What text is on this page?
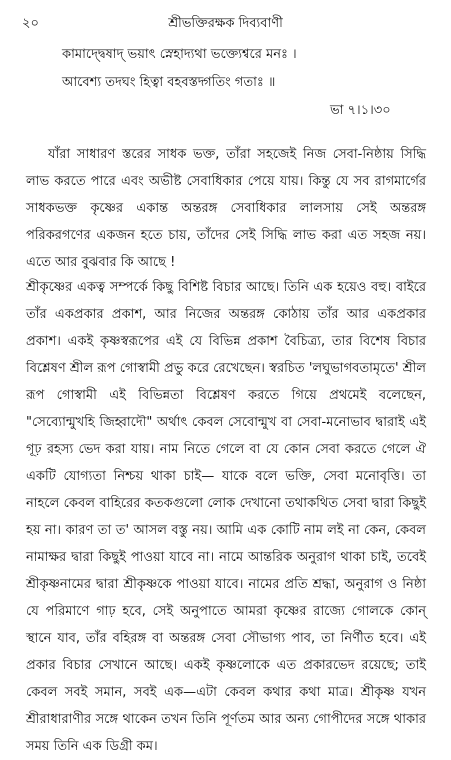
২০	শ্রীভক্তিরক্ষক দিব্যবাণী
কামাদ্দ্বেষাদ্ ভয়াৎ স্নেহাদ্যথা ভক্ত্যেশ্বরে মনঃ ।
আবেশ্য তদঘং হিত্বা বহবস্তদ্গতিং গতাঃ ॥
ভা ৭।১।৩০

যাঁরা সাধারণ স্তরের সাধক ভক্ত, তাঁরা সহজেই নিজ সেবা-নিষ্ঠায় সিদ্ধি লাভ করতে পারে এবং অভীষ্ট সেবাধিকার পেয়ে যায়। কিন্তু যে সব রাগমার্গের সাধকভক্ত কৃষ্ণের একান্ত অন্তরঙ্গ সেবাধিকার লালসায় সেই অন্তরঙ্গ পরিকরগণের একজন হতে চায়, তাঁদের সেই সিদ্ধি লাভ করা এত সহজ নয়। এতে আর বুঝবার কি আছে !

শ্রীকৃষ্ণের একত্ব সম্পর্কে কিছু বিশিষ্ট বিচার আছে। তিনি এক হয়েও বহু। বাইরে তাঁর একপ্রকার প্রকাশ, আর নিজের অন্তরঙ্গ কোঠায় তাঁর আর একপ্রকার প্রকাশ। একই কৃষ্ণস্বরূপের এই যে বিভিন্ন প্রকাশ বৈচিত্র্য, তার বিশেষ বিচার বিশ্লেষণ শ্রীল রূপ গোস্বামী প্রভু করে রেখেছেন। স্বরচিত 'লঘুভাগবতামৃতে' শ্রীল রূপ গোস্বামী এই বিভিন্নতা বিশ্লেষণ করতে গিয়ে প্রথমেই বলেছেন, "সেব্যোন্মুখহি জিহ্বাদৌ" অর্থাৎ কেবল সেবোন্মুখ বা সেবা-মনোভাব দ্বারাই এই গূঢ় রহস্য ভেদ করা যায়। নাম নিতে গেলে বা যে কোন সেবা করতে গেলে ঐ একটি যোগ্যতা নিশ্চয় থাকা চাই— যাকে বলে ভক্তি, সেবা মনোবৃত্তি। তা নাহলে কেবল বাহিরের কতকগুলো লোক দেখানো তথাকথিত সেবা দ্বারা কিছুই হয় না। কারণ তা ত' আসল বস্তু নয়। আমি এক কোটি নাম লই না কেন, কেবল নামাক্ষর দ্বারা কিছুই পাওয়া যাবে না। নামে আন্তরিক অনুরাগ থাকা চাই, তবেই শ্রীকৃষ্ণনামের দ্বারা শ্রীকৃষ্ণকে পাওয়া যাবে। নামের প্রতি শ্রদ্ধা, অনুরাগ ও নিষ্ঠা যে পরিমাণে গাঢ় হবে, সেই অনুপাতে আমরা কৃষ্ণের রাজ্যে গোলকে কোন্ স্থানে যাব, তাঁর বহিরঙ্গ বা অন্তরঙ্গ সেবা সৌভাগ্য পাব, তা নির্ণীত হবে। এই প্রকার বিচার সেখানে আছে। একই কৃষ্ণলোকে এত প্রকারভেদ রয়েছে; তাই কেবল সবই সমান, সবই এক—এটা কেবল কথার কথা মাত্র। শ্রীকৃষ্ণ যখন শ্রীরাধারাণীর সঙ্গে থাকেন তখন তিনি পূর্ণতম আর অন্য গোপীদের সঙ্গে থাকার সময় তিনি এক ডিগ্রী কম।
